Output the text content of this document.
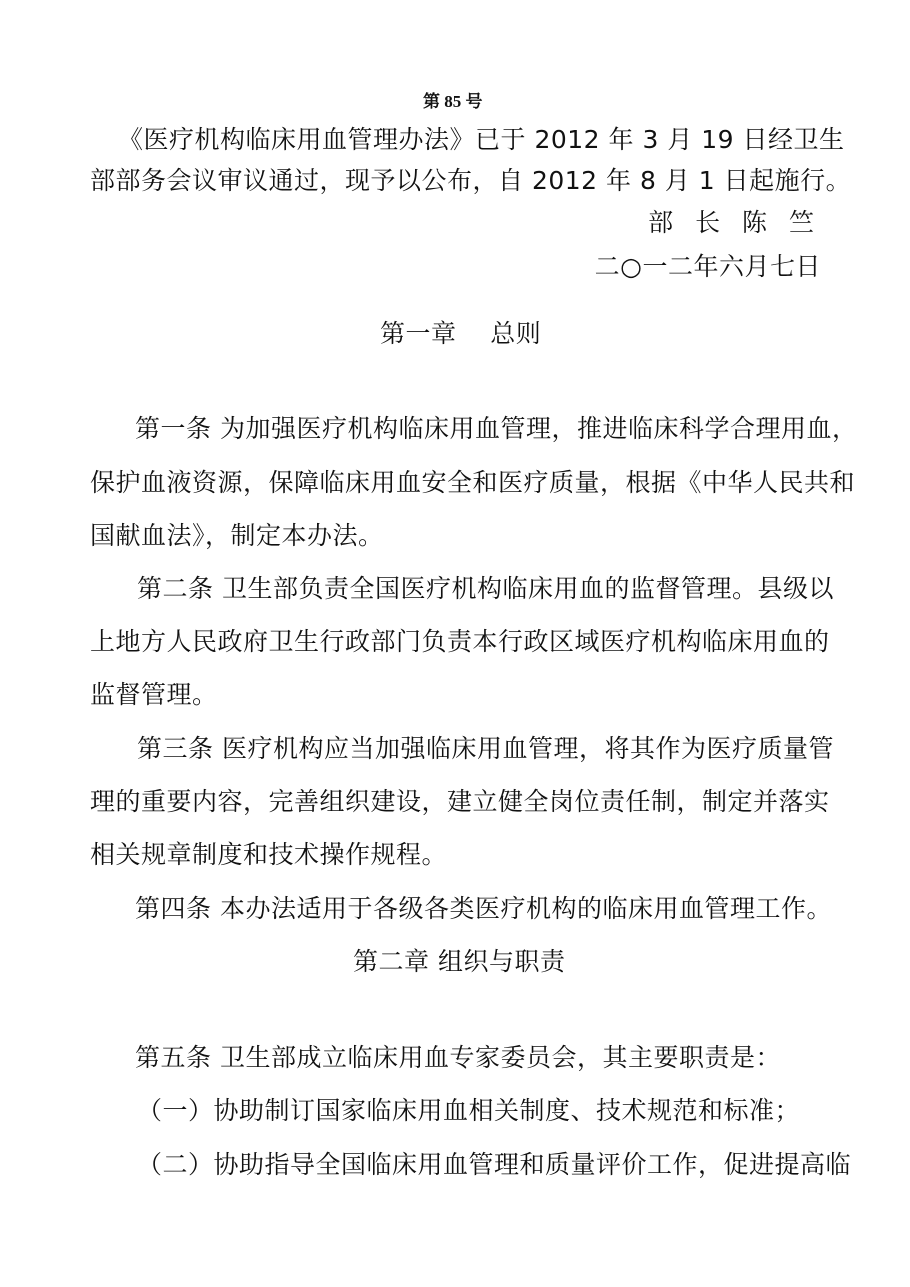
第 85 号
《医疗机构临床用血管理办法》已于 2012 年 3 月 19 日经卫生
部部务会议审议通过，现予以公布，自 2012 年 8 月 1 日起施行。
部 长 陈 竺
二○一二年六月七日
第一章    总则
第一条 为加强医疗机构临床用血管理，推进临床科学合理用血，
保护血液资源，保障临床用血安全和医疗质量，根据《中华人民共和
国献血法》，制定本办法。
第二条 卫生部负责全国医疗机构临床用血的监督管理。县级以
上地方人民政府卫生行政部门负责本行政区域医疗机构临床用血的
监督管理。
第三条 医疗机构应当加强临床用血管理，将其作为医疗质量管
理的重要内容，完善组织建设，建立健全岗位责任制，制定并落实
相关规章制度和技术操作规程。
第四条 本办法适用于各级各类医疗机构的临床用血管理工作。
第二章 组织与职责
第五条 卫生部成立临床用血专家委员会，其主要职责是：
（一）协助制订国家临床用血相关制度、技术规范和标准；
（二）协助指导全国临床用血管理和质量评价工作，促进提高临
